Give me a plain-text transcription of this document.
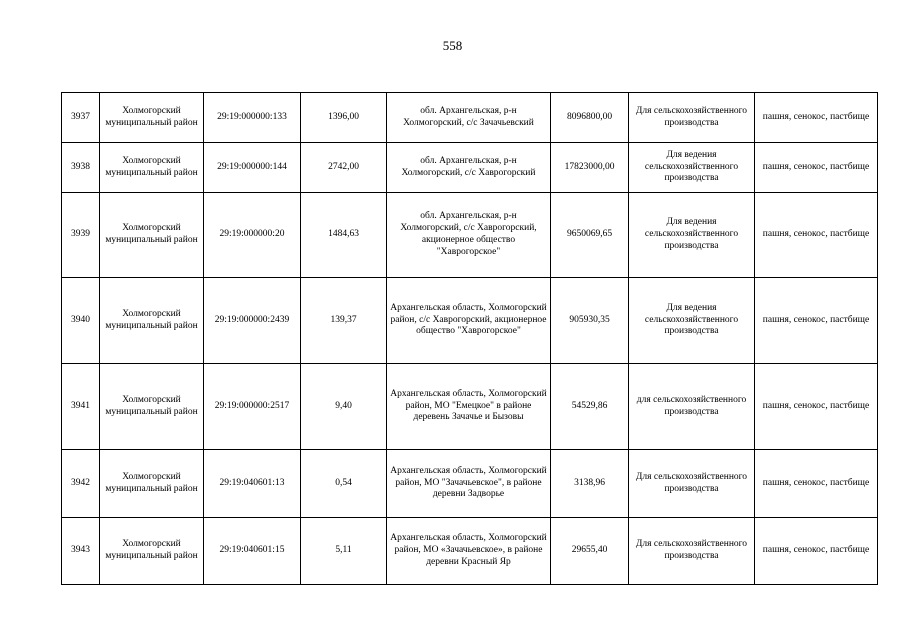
558
3937	Холмогорский муниципальный район	29:19:000000:133	1396,00	обл. Архангельская, р-н Холмогорский, с/с Зачачьевский	8096800,00	Для сельскохозяйственного производства	пашня, сенокос, пастбище
3938	Холмогорский муниципальный район	29:19:000000:144	2742,00	обл. Архангельская, р-н Холмогорский, с/с Хаврогорский	17823000,00	Для ведения сельскохозяйственного производства	пашня, сенокос, пастбище
3939	Холмогорский муниципальный район	29:19:000000:20	1484,63	обл. Архангельская, р-н Холмогорский, с/с Хаврогорский, акционерное общество "Хаврогорское"	9650069,65	Для ведения сельскохозяйственного производства	пашня, сенокос, пастбище
3940	Холмогорский муниципальный район	29:19:000000:2439	139,37	Архангельская область, Холмогорский район, с/с Хаврогорский, акционерное общество "Хаврогорское"	905930,35	Для ведения сельскохозяйственного производства	пашня, сенокос, пастбище
3941	Холмогорский муниципальный район	29:19:000000:2517	9,40	Архангельская область, Холмогорский район, МО "Емецкое" в районе деревень Зачачье и Бызовы	54529,86	для сельскохозяйственного производства	пашня, сенокос, пастбище
3942	Холмогорский муниципальный район	29:19:040601:13	0,54	Архангельская область, Холмогорский район, МО "Зачачьевское", в районе деревни Задворье	3138,96	Для сельскохозяйственного производства	пашня, сенокос, пастбище
3943	Холмогорский муниципальный район	29:19:040601:15	5,11	Архангельская область, Холмогорский район, МО «Зачачьевское», в районе деревни Красный Яр	29655,40	Для сельскохозяйственного производства	пашня, сенокос, пастбище
